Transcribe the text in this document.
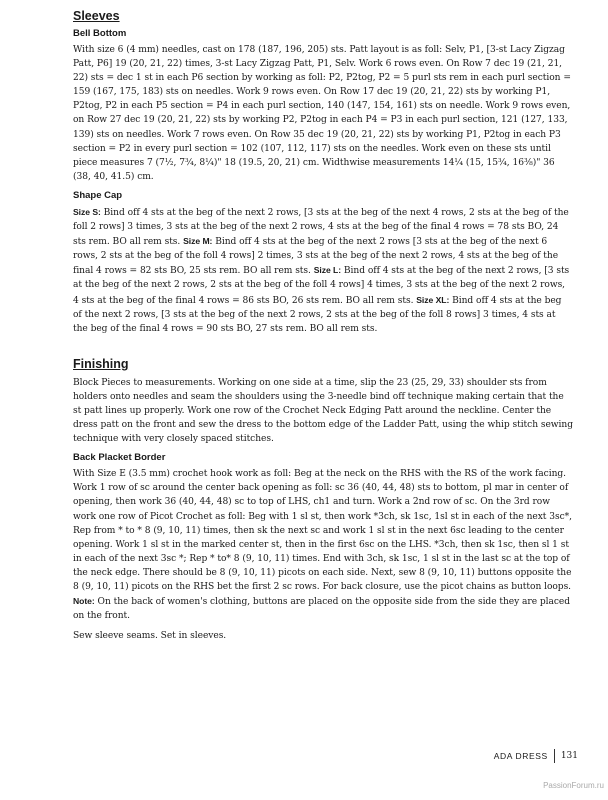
Sleeves
Bell Bottom

With size 6 (4 mm) needles, cast on 178 (187, 196, 205) sts. Patt layout is as foll: Selv, P1, [3-st Lacy Zigzag Patt, P6] 19 (20, 21, 22) times, 3-st Lacy Zigzag Patt, P1, Selv. Work 6 rows even. On Row 7 dec 19 (21, 21, 22) sts = dec 1 st in each P6 section by working as foll: P2, P2tog, P2 = 5 purl sts rem in each purl section = 159 (167, 175, 183) sts on needles. Work 9 rows even. On Row 17 dec 19 (20, 21, 22) sts by working P1, P2tog, P2 in each P5 section = P4 in each purl section, 140 (147, 154, 161) sts on needle. Work 9 rows even, on Row 27 dec 19 (20, 21, 22) sts by working P2, P2tog in each P4 = P3 in each purl section, 121 (127, 133, 139) sts on needles. Work 7 rows even. On Row 35 dec 19 (20, 21, 22) sts by working P1, P2tog in each P3 section = P2 in every purl section = 102 (107, 112, 117) sts on the needles. Work even on these sts until piece measures 7 (7½, 7¾, 8¼)" 18 (19.5, 20, 21) cm. Widthwise measurements 14¼ (15, 15¾, 16⅜)" 36 (38, 40, 41.5) cm.

Shape Cap

Size S: Bind off 4 sts at the beg of the next 2 rows, [3 sts at the beg of the next 4 rows, 2 sts at the beg of the foll 2 rows] 3 times, 3 sts at the beg of the next 2 rows, 4 sts at the beg of the final 4 rows = 78 sts BO, 24 sts rem. BO all rem sts. Size M: Bind off 4 sts at the beg of the next 2 rows [3 sts at the beg of the next 6 rows, 2 sts at the beg of the foll 4 rows] 2 times, 3 sts at the beg of the next 2 rows, 4 sts at the beg of the final 4 rows = 82 sts BO, 25 sts rem. BO all rem sts. Size L: Bind off 4 sts at the beg of the next 2 rows, [3 sts at the beg of the next 2 rows, 2 sts at the beg of the foll 4 rows] 4 times, 3 sts at the beg of the next 2 rows, 4 sts at the beg of the final 4 rows = 86 sts BO, 26 sts rem. BO all rem sts. Size XL: Bind off 4 sts at the beg of the next 2 rows, [3 sts at the beg of the next 2 rows, 2 sts at the beg of the foll 8 rows] 3 times, 4 sts at the beg of the final 4 rows = 90 sts BO, 27 sts rem. BO all rem sts.

Finishing

Block Pieces to measurements. Working on one side at a time, slip the 23 (25, 29, 33) shoulder sts from holders onto needles and seam the shoulders using the 3-needle bind off technique making certain that the st patt lines up properly. Work one row of the Crochet Neck Edging Patt around the neckline. Center the dress patt on the front and sew the dress to the bottom edge of the Ladder Patt, using the whip stitch sewing technique with very closely spaced stitches.

Back Placket Border

With Size E (3.5 mm) crochet hook work as foll: Beg at the neck on the RHS with the RS of the work facing. Work 1 row of sc around the center back opening as foll: sc 36 (40, 44, 48) sts to bottom, pl mar in center of opening, then work 36 (40, 44, 48) sc to top of LHS, ch1 and turn. Work a 2nd row of sc. On the 3rd row work one row of Picot Crochet as foll: Beg with 1 sl st, then work *3ch, sk 1sc, 1sl st in each of the next 3sc*, Rep from * to * 8 (9, 10, 11) times, then sk the next sc and work 1 sl st in the next 6sc leading to the center opening. Work 1 sl st in the marked center st, then in the first 6sc on the LHS. *3ch, then sk 1sc, then sl 1 st in each of the next 3sc *; Rep * to* 8 (9, 10, 11) times. End with 3ch, sk 1sc, 1 sl st in the last sc at the top of the neck edge. There should be 8 (9, 10, 11) picots on each side. Next, sew 8 (9, 10, 11) buttons opposite the 8 (9, 10, 11) picots on the RHS bet the first 2 sc rows. For back closure, use the picot chains as button loops.
Note: On the back of women's clothing, buttons are placed on the opposite side from the side they are placed on the front.

Sew sleeve seams. Set in sleeves.

ADA DRESS 131
PassionForum.ru
